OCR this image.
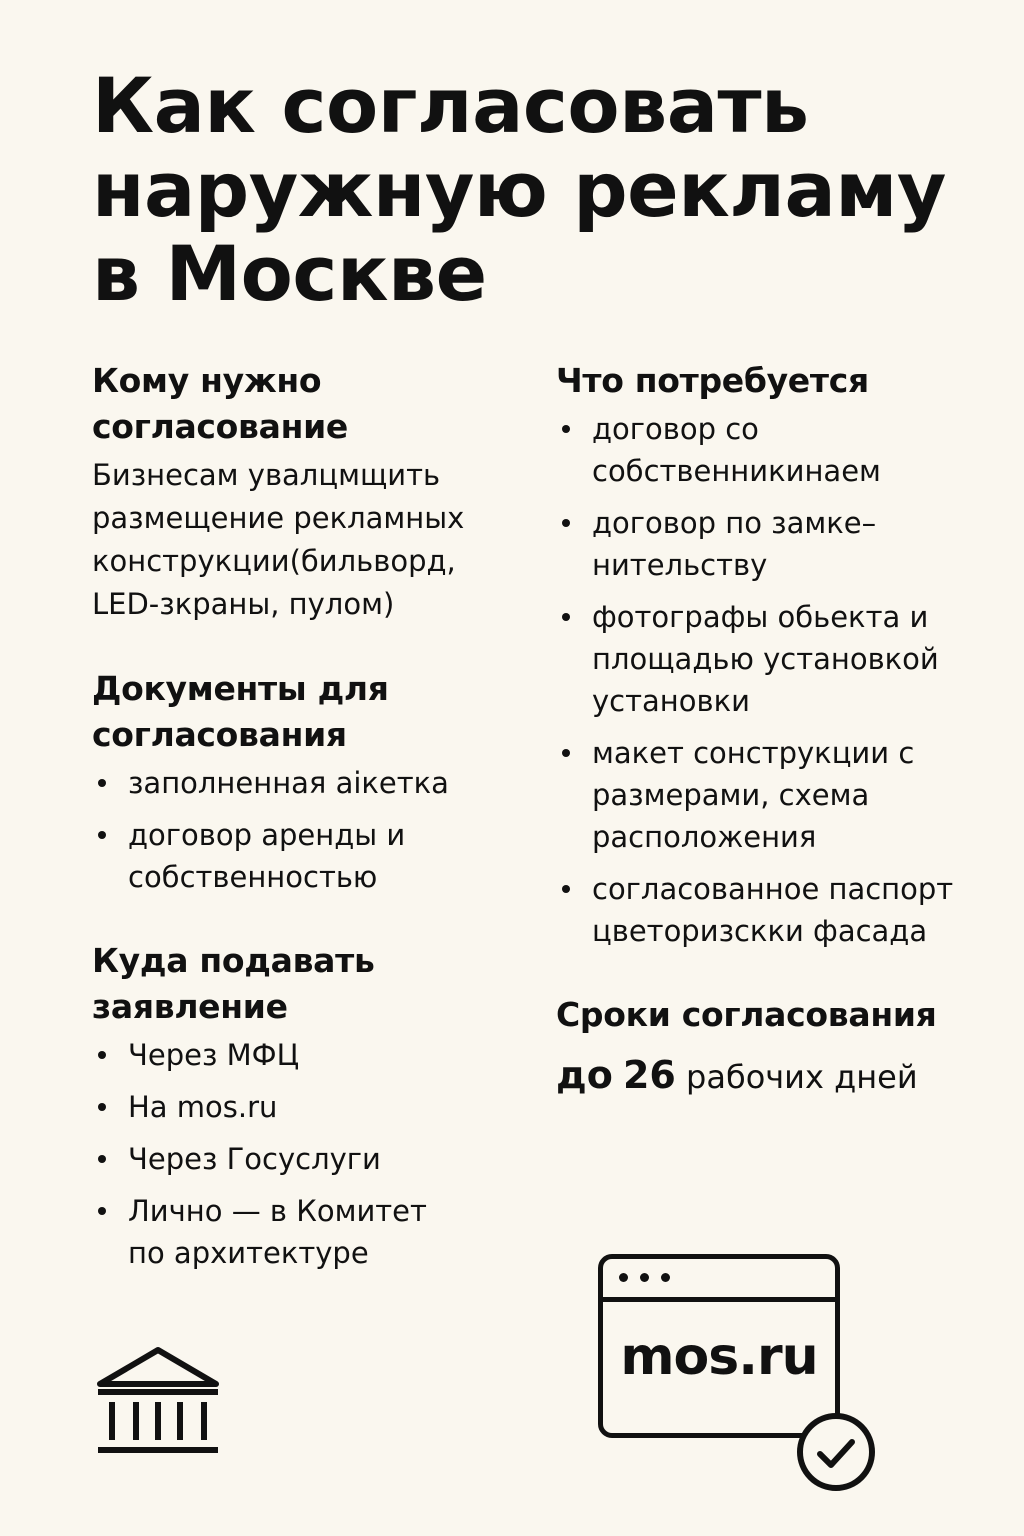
Как согласовать
наружную рекламу
в Москве
Кому нужно
согласование
Бизнесам увалцмщить размещение рекламных конструкции(бильворд, LED-зкраны, пулом)
Документы для
согласования
заполненная аiкетка
договор аренды и собственностью
Куда подавать
заявление
Через МФЦ
На mos.ru
Через Госуслуги
Лично — в Комитет по архитектуре
Что потребуется
договор со собственникинаем
договор по замке–нительству
фотографы обьекта и площадью установкой установки
макет сонструкции с размерами, схема расположения
согласованное паспорт цветоризскки фасада
Сроки согласования
до 26 рабочих дней
mos.ru
